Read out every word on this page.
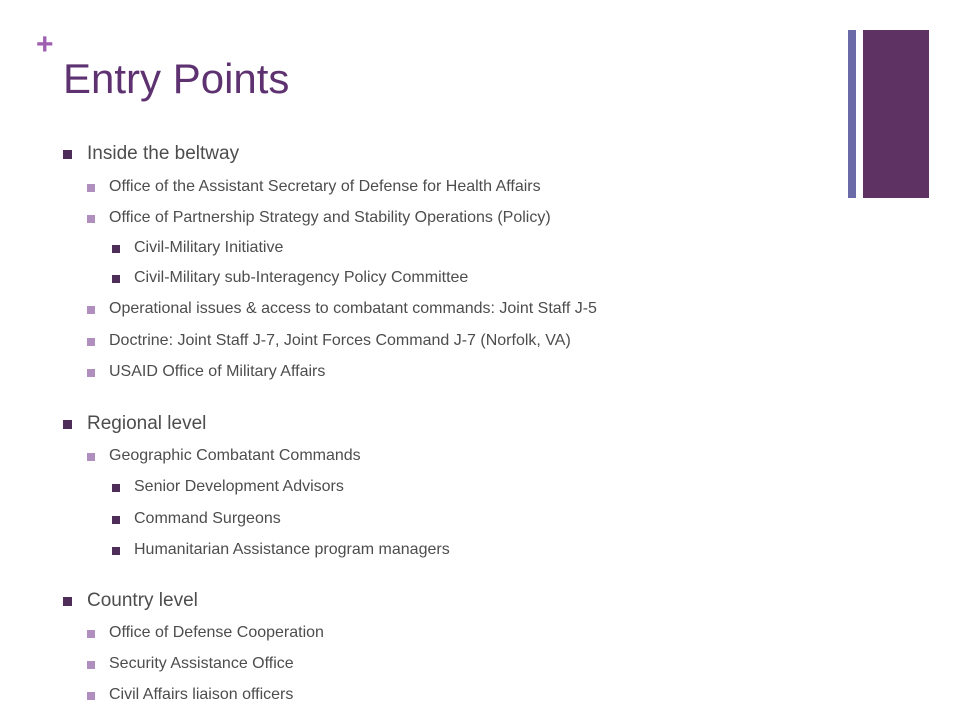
+
Entry Points
Inside the beltway
Office of the Assistant Secretary of Defense for Health Affairs
Office of Partnership Strategy and Stability Operations (Policy)
Civil-Military Initiative
Civil-Military sub-Interagency Policy Committee
Operational issues & access to combatant commands: Joint Staff J-5
Doctrine: Joint Staff J-7, Joint Forces Command J-7 (Norfolk, VA)
USAID Office of Military Affairs
Regional level
Geographic Combatant Commands
Senior Development Advisors
Command Surgeons
Humanitarian Assistance program managers
Country level
Office of Defense Cooperation
Security Assistance Office
Civil Affairs liaison officers
